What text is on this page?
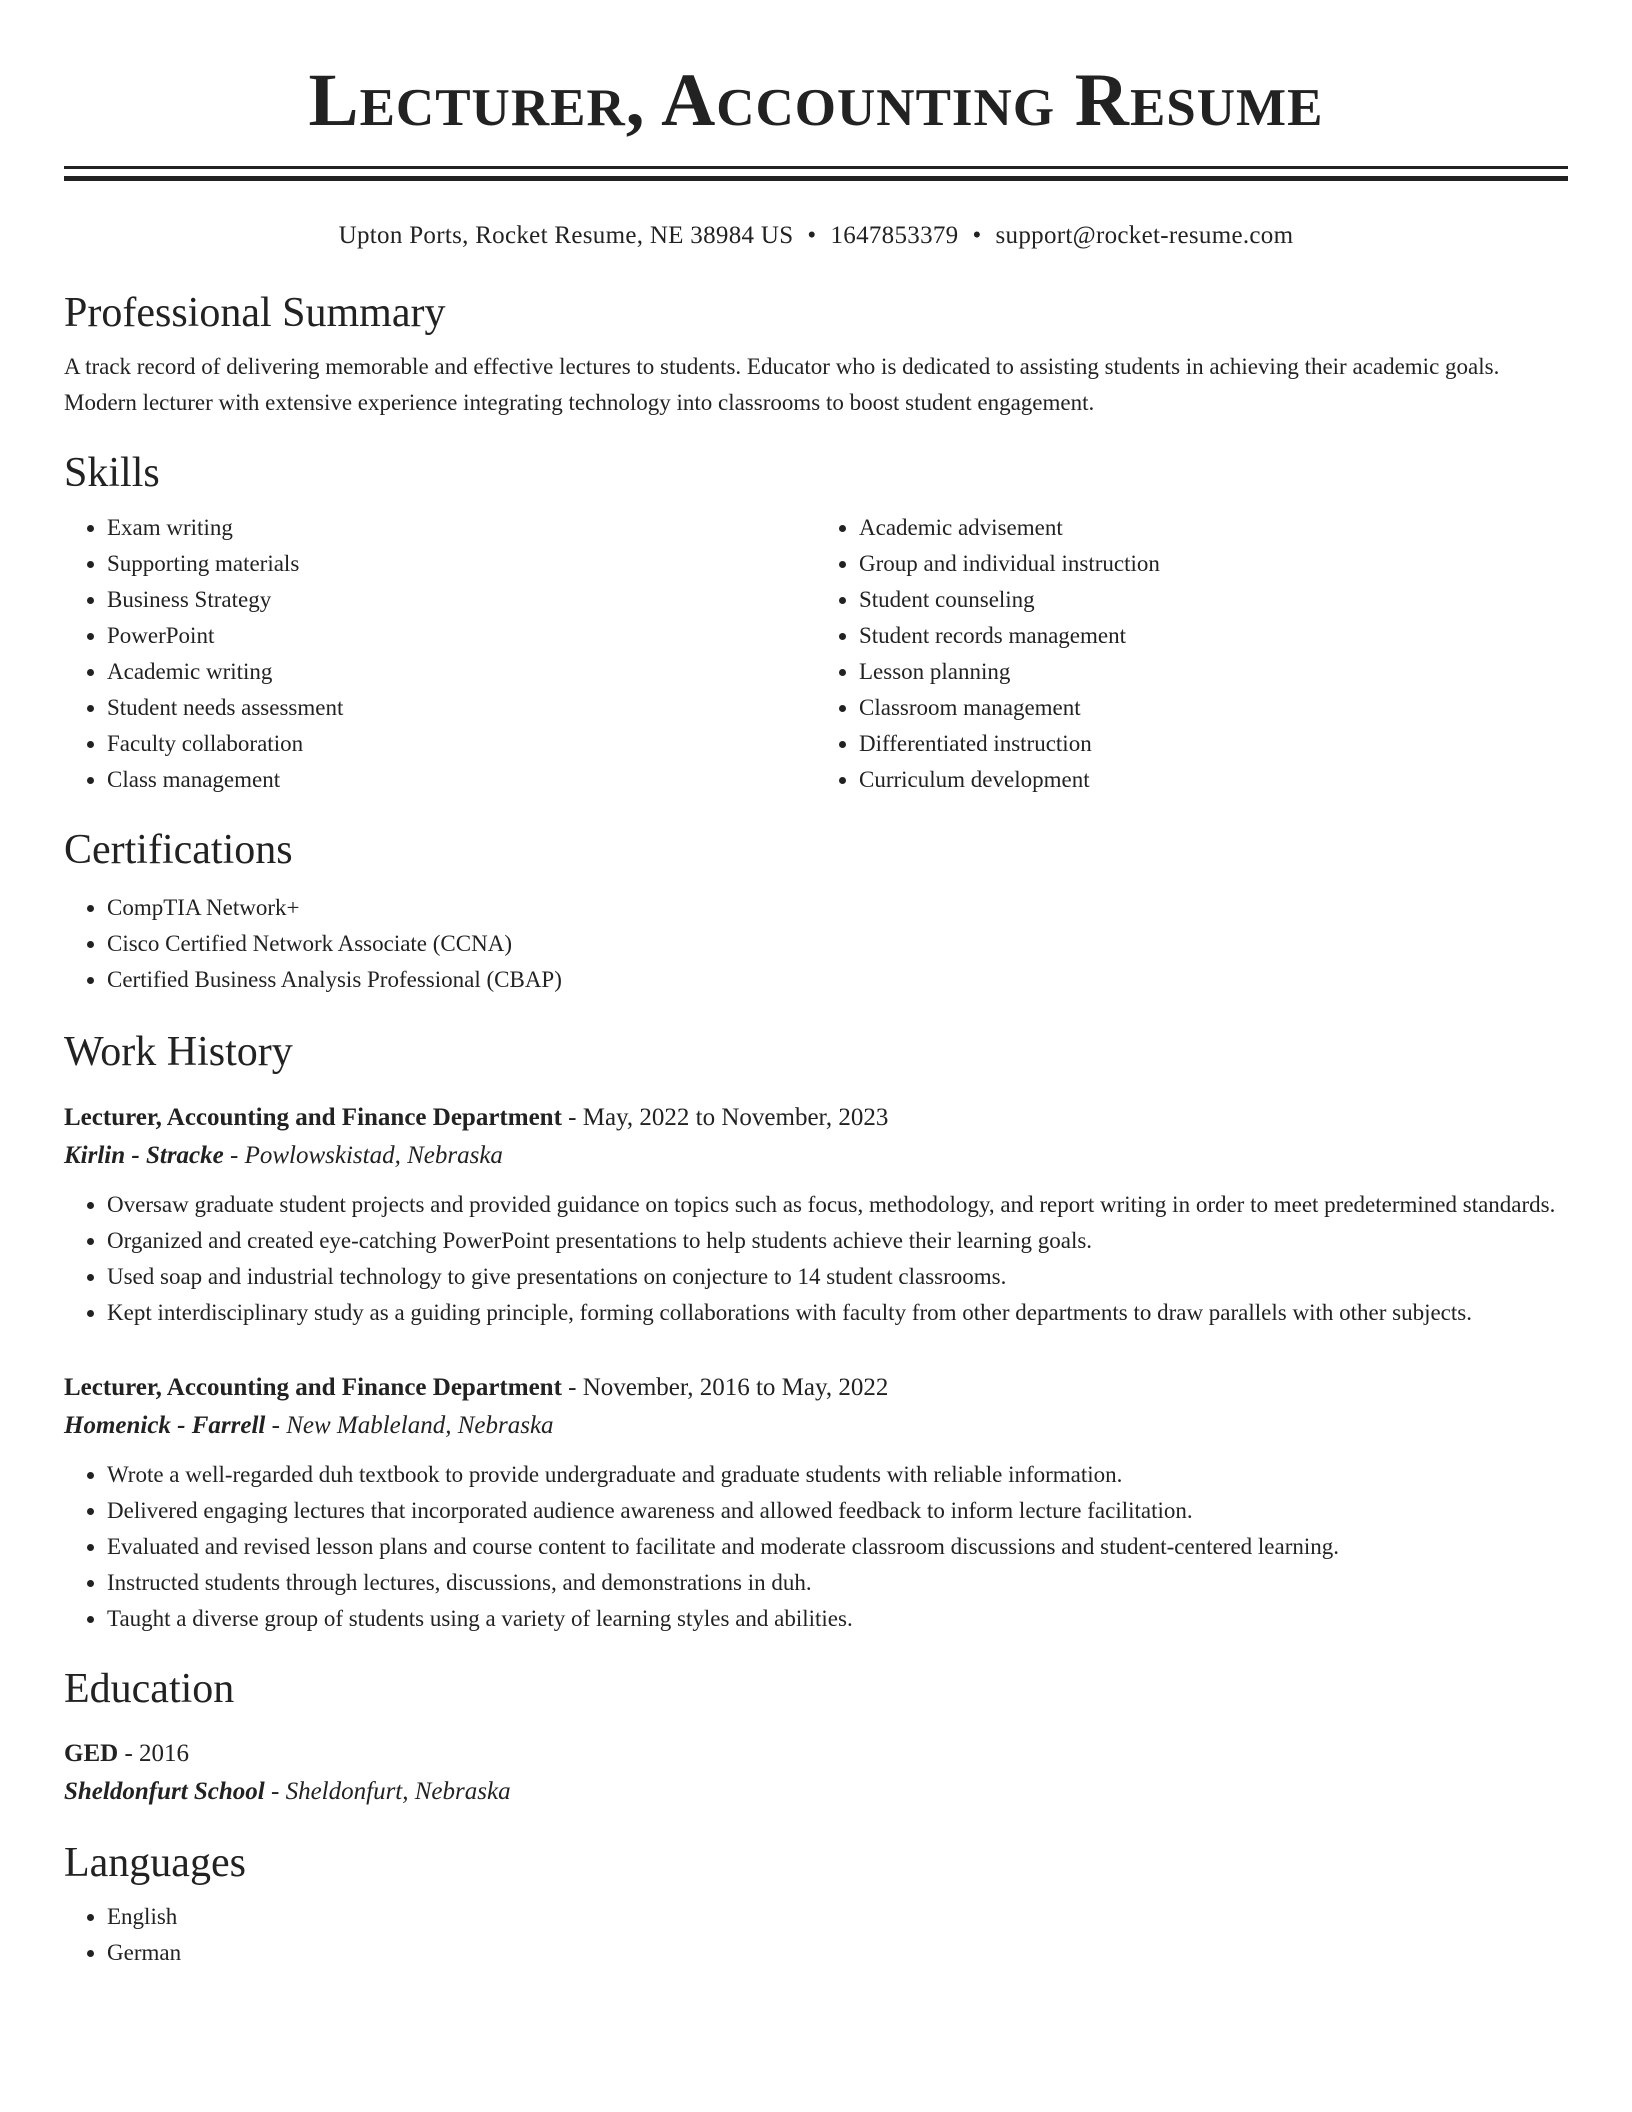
Lecturer, Accounting Resume
Upton Ports, Rocket Resume, NE 38984 US • 1647853379 • support@rocket-resume.com
Professional Summary

A track record of delivering memorable and effective lectures to students. Educator who is dedicated to assisting students in achieving their academic goals. Modern lecturer with extensive experience integrating technology into classrooms to boost student engagement.

Skills
• Exam writing
• Supporting materials
• Business Strategy
• PowerPoint
• Academic writing
• Student needs assessment
• Faculty collaboration
• Class management
• Academic advisement
• Group and individual instruction
• Student counseling
• Student records management
• Lesson planning
• Classroom management
• Differentiated instruction
• Curriculum development
Certifications
• CompTIA Network+
• Cisco Certified Network Associate (CCNA)
• Certified Business Analysis Professional (CBAP)
Work History
Lecturer, Accounting and Finance Department - May, 2022 to November, 2023
Kirlin - Stracke - Powlowskistad, Nebraska
• Oversaw graduate student projects and provided guidance on topics such as focus, methodology, and report writing in order to meet predetermined standards.
• Organized and created eye-catching PowerPoint presentations to help students achieve their learning goals.
• Used soap and industrial technology to give presentations on conjecture to 14 student classrooms.
• Kept interdisciplinary study as a guiding principle, forming collaborations with faculty from other departments to draw parallels with other subjects.
Lecturer, Accounting and Finance Department - November, 2016 to May, 2022
Homenick - Farrell - New Mableland, Nebraska
• Wrote a well-regarded duh textbook to provide undergraduate and graduate students with reliable information.
• Delivered engaging lectures that incorporated audience awareness and allowed feedback to inform lecture facilitation.
• Evaluated and revised lesson plans and course content to facilitate and moderate classroom discussions and student-centered learning.
• Instructed students through lectures, discussions, and demonstrations in duh.
• Taught a diverse group of students using a variety of learning styles and abilities.
Education
GED - 2016
Sheldonfurt School - Sheldonfurt, Nebraska
Languages
• English
• German
